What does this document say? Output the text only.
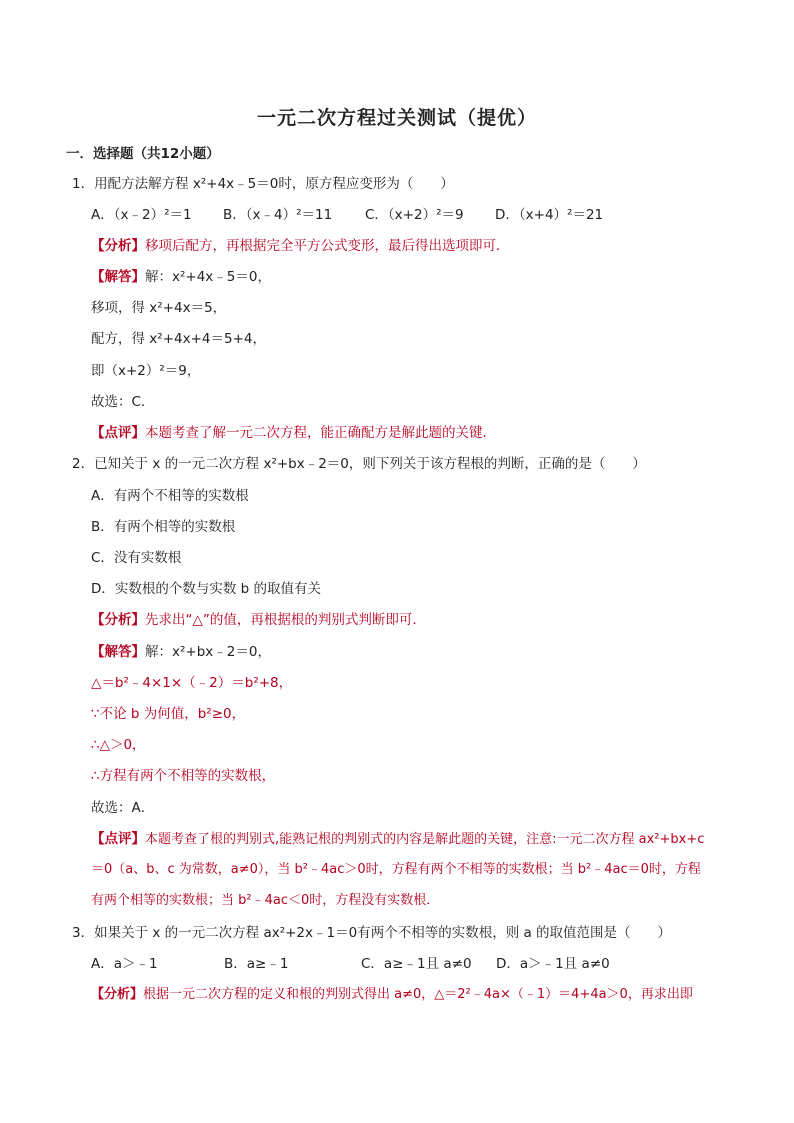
一元二次方程过关测试（提优）
一．选择题（共12小题）
1．用配方法解方程 x²+4x﹣5＝0时，原方程应变形为（　　）
A．（x﹣2）²＝1 B．（x﹣4）²＝11 C．（x+2）²＝9 D．（x+4）²＝21
【分析】移项后配方，再根据完全平方公式变形，最后得出选项即可．
【解答】解：x²+4x﹣5＝0，
移项，得 x²+4x＝5，
配方，得 x²+4x+4＝5+4，
即（x+2）²＝9，
故选：C．
【点评】本题考查了解一元二次方程，能正确配方是解此题的关键．
2．已知关于 x 的一元二次方程 x²+bx﹣2＝0，则下列关于该方程根的判断，正确的是（　　）
A．有两个不相等的实数根
B．有两个相等的实数根
C．没有实数根
D．实数根的个数与实数 b 的取值有关
【分析】先求出“△”的值，再根据根的判别式判断即可．
【解答】解：x²+bx﹣2＝0，
△＝b²﹣4×1×（﹣2）＝b²+8，
∵不论 b 为何值，b²≥0，
∴△＞0，
∴方程有两个不相等的实数根，
故选：A．
【点评】本题考查了根的判别式,能熟记根的判别式的内容是解此题的关键，注意:一元二次方程 ax²+bx+c
＝0（a、b、c 为常数，a≠0），当 b²﹣4ac＞0时，方程有两个不相等的实数根；当 b²﹣4ac＝0时，方程
有两个相等的实数根；当 b²﹣4ac＜0时，方程没有实数根．
3．如果关于 x 的一元二次方程 ax²+2x﹣1＝0有两个不相等的实数根，则 a 的取值范围是（　　）
A．a＞﹣1	B．a≥﹣1	C．a≥﹣1且 a≠0 D．a＞﹣1且 a≠0
【分析】根据一元二次方程的定义和根的判别式得出 a≠0，△＝2²﹣4a×（﹣1）＝4+4a＞0，再求出即
